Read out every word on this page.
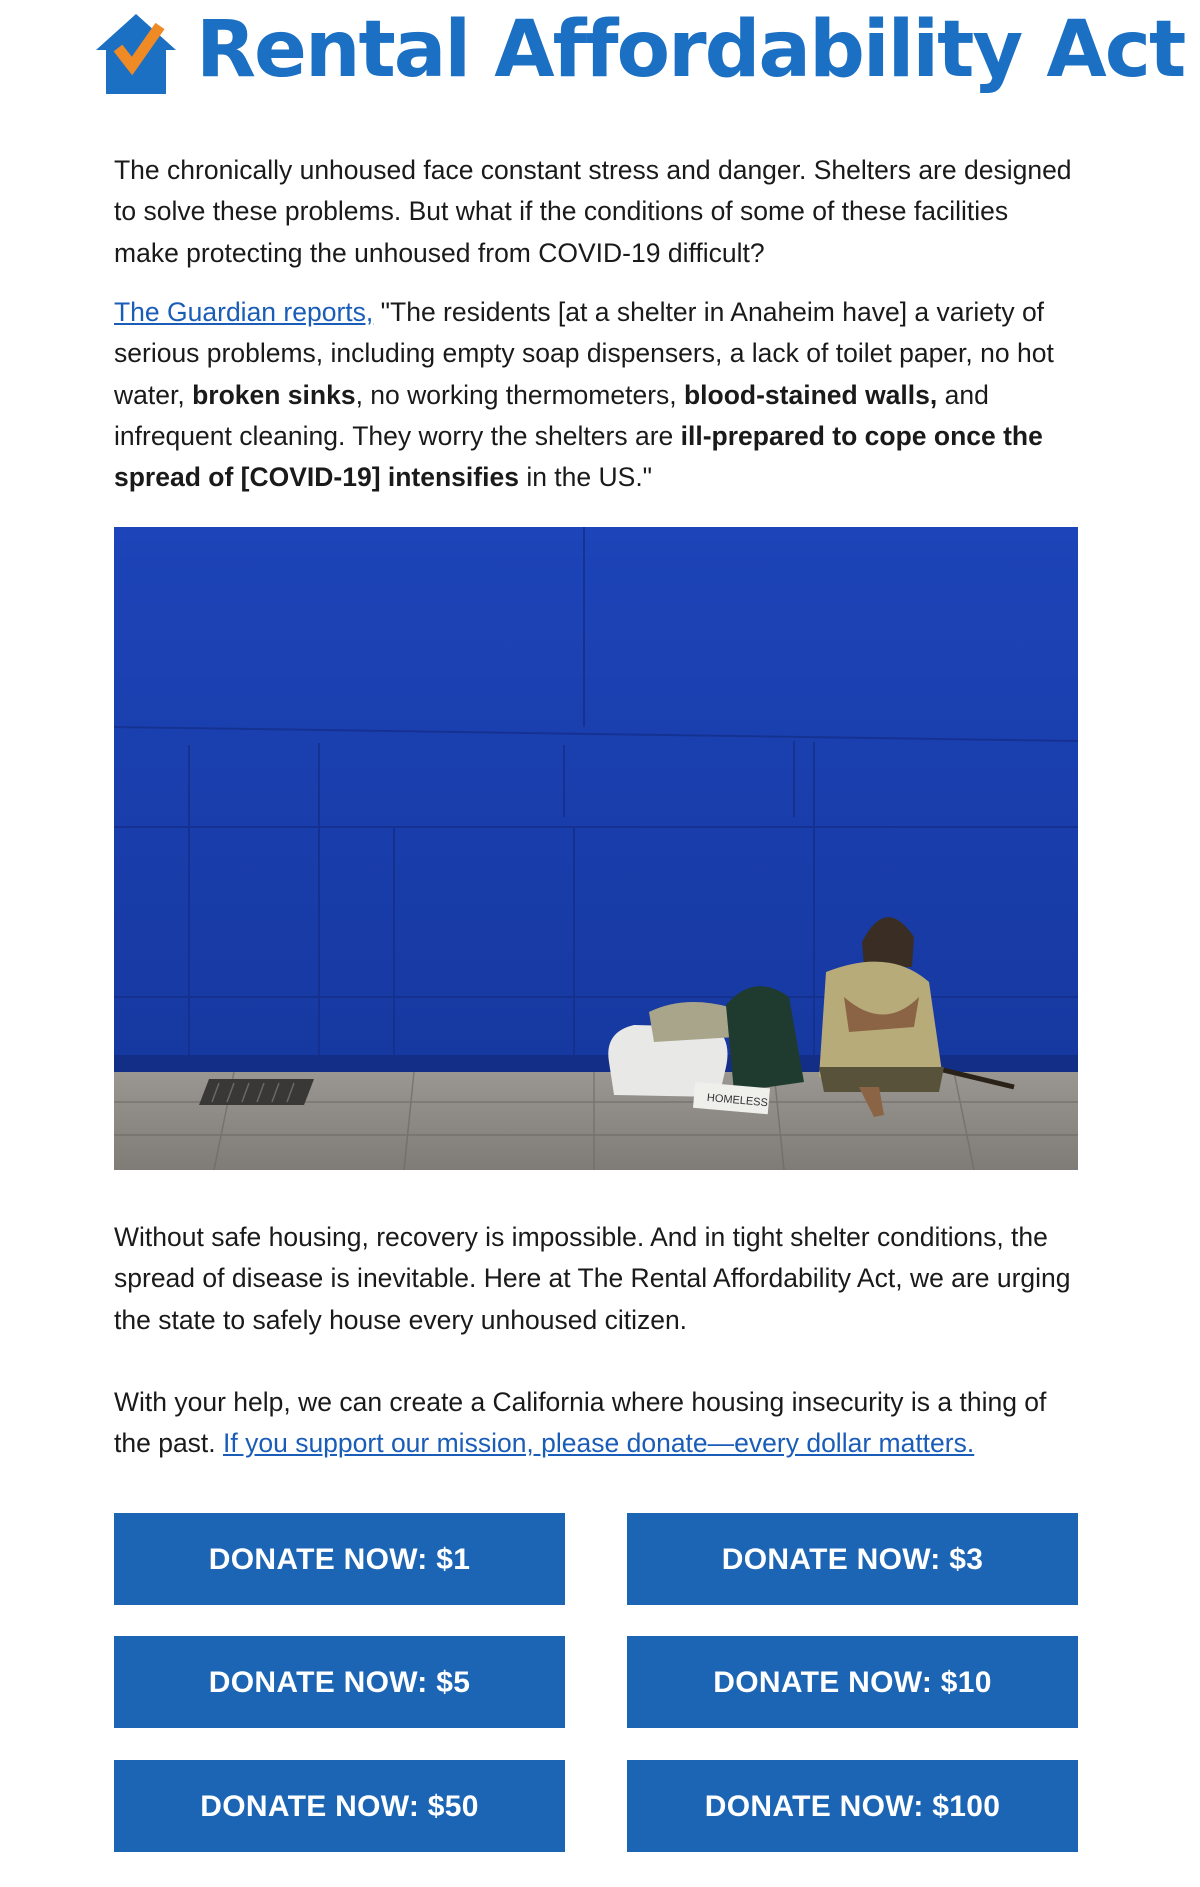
Rental Affordability Act

The chronically unhoused face constant stress and danger. Shelters are designed to solve these problems. But what if the conditions of some of these facilities make protecting the unhoused from COVID-19 difficult?

The Guardian reports, "The residents [at a shelter in Anaheim have] a variety of serious problems, including empty soap dispensers, a lack of toilet paper, no hot water, broken sinks, no working thermometers, blood-stained walls, and infrequent cleaning. They worry the shelters are ill-prepared to cope once the spread of [COVID-19] intensifies in the US."

HOMELESS

Without safe housing, recovery is impossible. And in tight shelter conditions, the spread of disease is inevitable. Here at The Rental Affordability Act, we are urging the state to safely house every unhoused citizen.

With your help, we can create a California where housing insecurity is a thing of the past. If you support our mission, please donate—every dollar matters.

DONATE NOW: $1	DONATE NOW: $3
DONATE NOW: $5	DONATE NOW: $10
DONATE NOW: $50	DONATE NOW: $100
